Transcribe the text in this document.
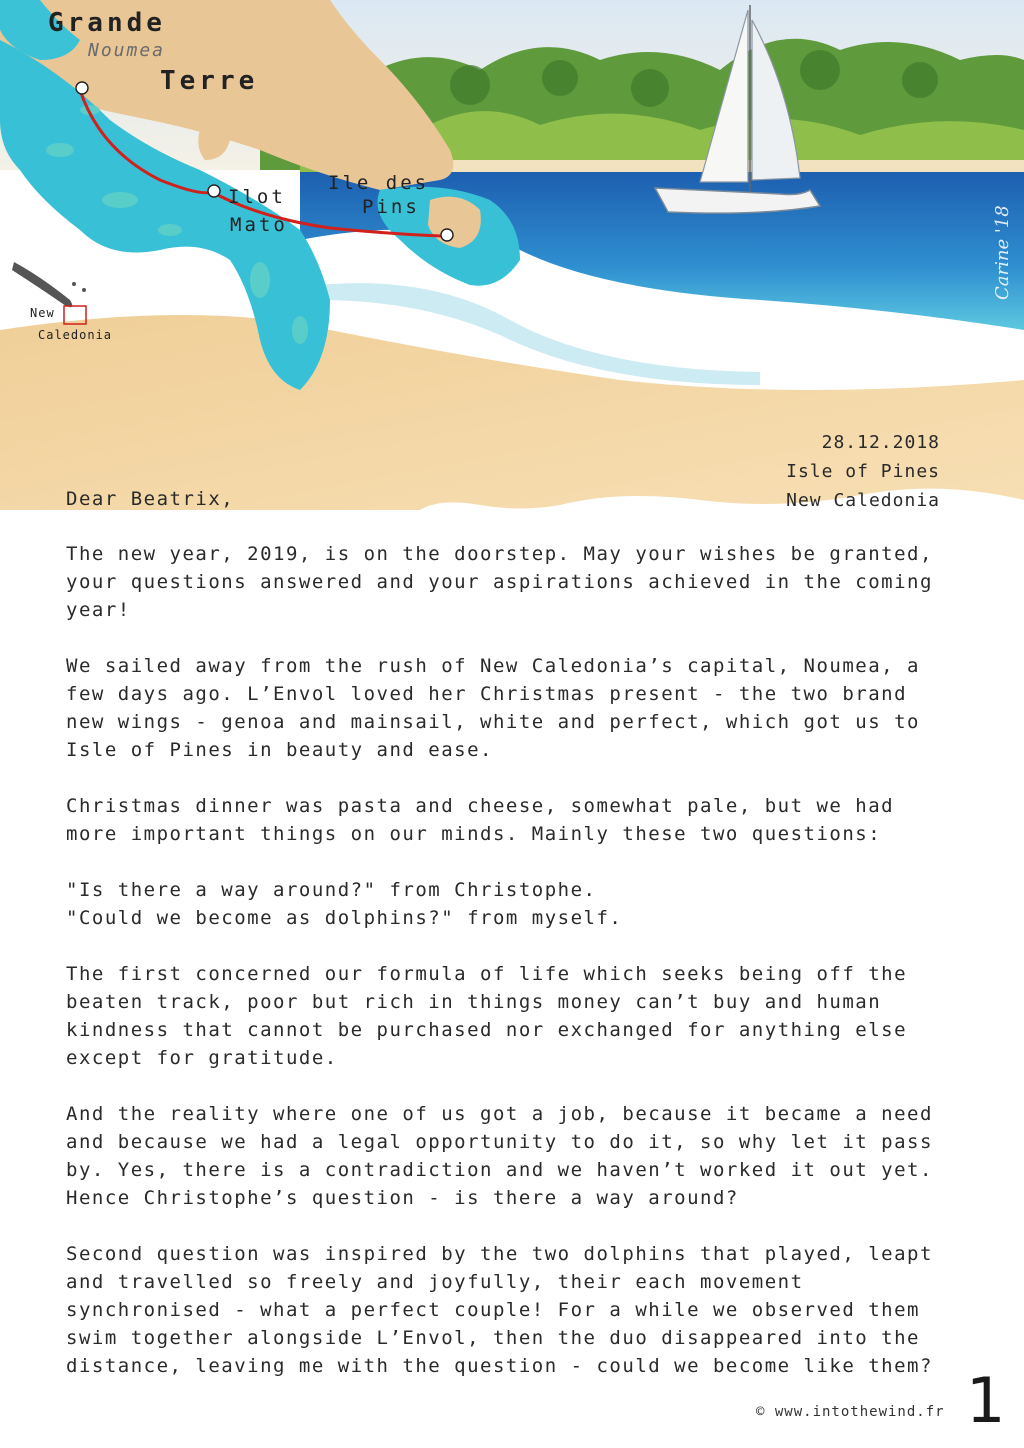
Grande
Noumea
Terre
Ilot
Mato
Ile des
Pins
New
Caledonia
Carine '18
28.12.2018
Isle of Pines
New Caledonia
Dear Beatrix,
The new year, 2019, is on the doorstep. May your wishes be granted,
your questions answered and your aspirations achieved in the coming
year!
We sailed away from the rush of New Caledonia’s capital, Noumea, a
few days ago. L’Envol loved her Christmas present - the two brand
new wings - genoa and mainsail, white and perfect, which got us to
Isle of Pines in beauty and ease.
Christmas dinner was pasta and cheese, somewhat pale, but we had
more important things on our minds. Mainly these two questions:
"Is there a way around?" from Christophe.
"Could we become as dolphins?" from myself.
The first concerned our formula of life which seeks being off the
beaten track, poor but rich in things money can’t buy and human
kindness that cannot be purchased nor exchanged for anything else
except for gratitude.
And the reality where one of us got a job, because it became a need
and because we had a legal opportunity to do it, so why let it pass
by. Yes, there is a contradiction and we haven’t worked it out yet.
Hence Christophe’s question - is there a way around?
Second question was inspired by the two dolphins that played, leapt
and travelled so freely and joyfully, their each movement
synchronised - what a perfect couple! For a while we observed them
swim together alongside L’Envol, then the duo disappeared into the
distance, leaving me with the question - could we become like them?
© www.intothewind.fr 1
